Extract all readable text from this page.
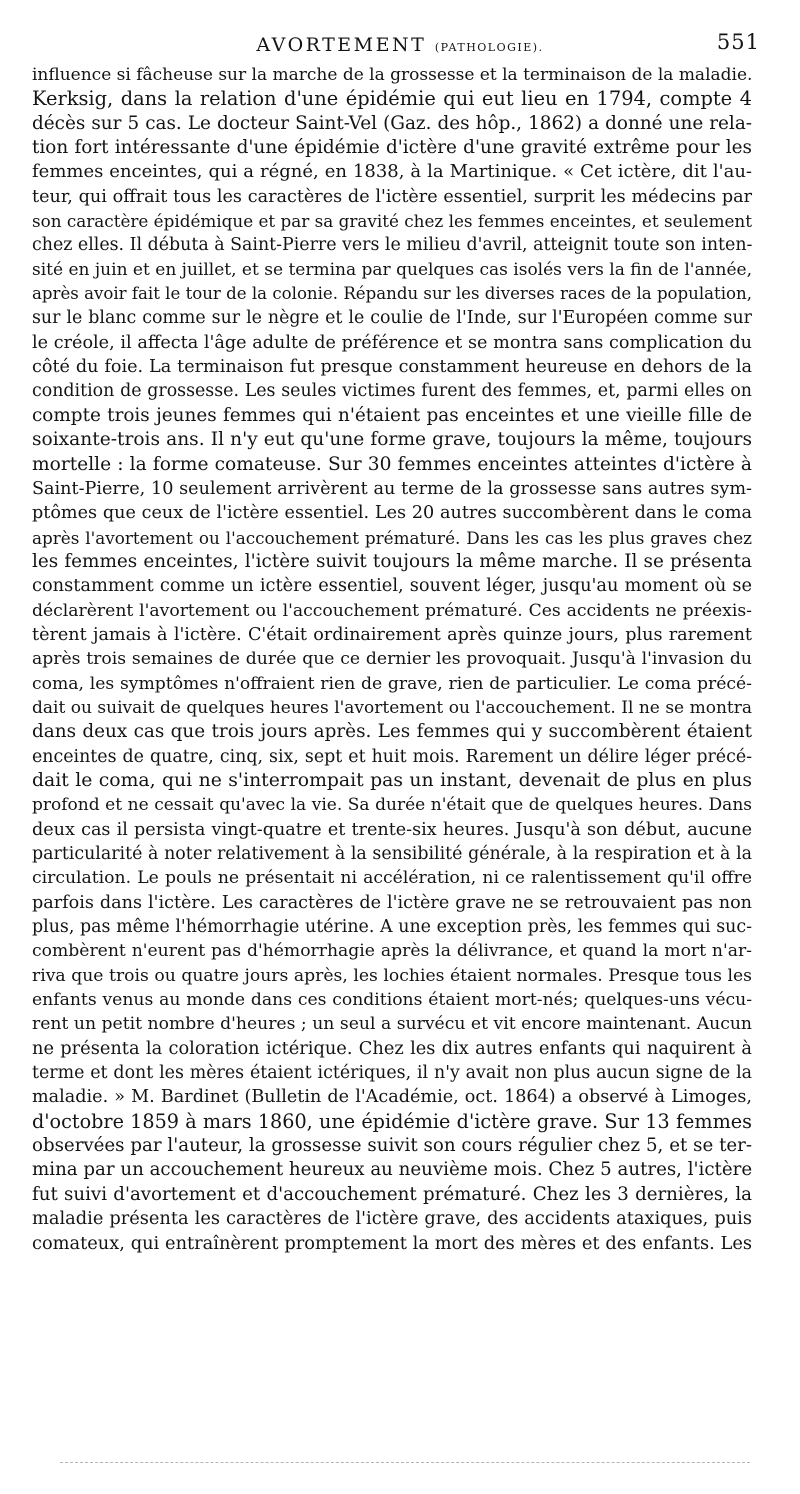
AVORTEMENT (PATHOLOGIE).	551
influence si fâcheuse sur la marche de la grossesse et la terminaison de la maladie.
Kerksig, dans la relation d'une épidémie qui eut lieu en 1794, compte 4
décès sur 5 cas. Le docteur Saint-Vel (Gaz. des hôp., 1862) a donné une rela-
tion fort intéressante d'une épidémie d'ictère d'une gravité extrême pour les
femmes enceintes, qui a régné, en 1838, à la Martinique. « Cet ictère, dit l'au-
teur, qui offrait tous les caractères de l'ictère essentiel, surprit les médecins par
son caractère épidémique et par sa gravité chez les femmes enceintes, et seulement
chez elles. Il débuta à Saint-Pierre vers le milieu d'avril, atteignit toute son inten-
sité en juin et en juillet, et se termina par quelques cas isolés vers la fin de l'année,
après avoir fait le tour de la colonie. Répandu sur les diverses races de la population,
sur le blanc comme sur le nègre et le coulie de l'Inde, sur l'Européen comme sur
le créole, il affecta l'âge adulte de préférence et se montra sans complication du
côté du foie. La terminaison fut presque constamment heureuse en dehors de la
condition de grossesse. Les seules victimes furent des femmes, et, parmi elles on
compte trois jeunes femmes qui n'étaient pas enceintes et une vieille fille de
soixante-trois ans. Il n'y eut qu'une forme grave, toujours la même, toujours
mortelle : la forme comateuse. Sur 30 femmes enceintes atteintes d'ictère à
Saint-Pierre, 10 seulement arrivèrent au terme de la grossesse sans autres sym-
ptômes que ceux de l'ictère essentiel. Les 20 autres succombèrent dans le coma
après l'avortement ou l'accouchement prématuré. Dans les cas les plus graves chez
les femmes enceintes, l'ictère suivit toujours la même marche. Il se présenta
constamment comme un ictère essentiel, souvent léger, jusqu'au moment où se
déclarèrent l'avortement ou l'accouchement prématuré. Ces accidents ne préexis-
tèrent jamais à l'ictère. C'était ordinairement après quinze jours, plus rarement
après trois semaines de durée que ce dernier les provoquait. Jusqu'à l'invasion du
coma, les symptômes n'offraient rien de grave, rien de particulier. Le coma précé-
dait ou suivait de quelques heures l'avortement ou l'accouchement. Il ne se montra
dans deux cas que trois jours après. Les femmes qui y succombèrent étaient
enceintes de quatre, cinq, six, sept et huit mois. Rarement un délire léger précé-
dait le coma, qui ne s'interrompait pas un instant, devenait de plus en plus
profond et ne cessait qu'avec la vie. Sa durée n'était que de quelques heures. Dans
deux cas il persista vingt-quatre et trente-six heures. Jusqu'à son début, aucune
particularité à noter relativement à la sensibilité générale, à la respiration et à la
circulation. Le pouls ne présentait ni accélération, ni ce ralentissement qu'il offre
parfois dans l'ictère. Les caractères de l'ictère grave ne se retrouvaient pas non
plus, pas même l'hémorrhagie utérine. A une exception près, les femmes qui suc-
combèrent n'eurent pas d'hémorrhagie après la délivrance, et quand la mort n'ar-
riva que trois ou quatre jours après, les lochies étaient normales. Presque tous les
enfants venus au monde dans ces conditions étaient mort-nés; quelques-uns vécu-
rent un petit nombre d'heures ; un seul a survécu et vit encore maintenant. Aucun
ne présenta la coloration ictérique. Chez les dix autres enfants qui naquirent à
terme et dont les mères étaient ictériques, il n'y avait non plus aucun signe de la
maladie. » M. Bardinet (Bulletin de l'Académie, oct. 1864) a observé à Limoges,
d'octobre 1859 à mars 1860, une épidémie d'ictère grave. Sur 13 femmes
observées par l'auteur, la grossesse suivit son cours régulier chez 5, et se ter-
mina par un accouchement heureux au neuvième mois. Chez 5 autres, l'ictère
fut suivi d'avortement et d'accouchement prématuré. Chez les 3 dernières, la
maladie présenta les caractères de l'ictère grave, des accidents ataxiques, puis
comateux, qui entraînèrent promptement la mort des mères et des enfants. Les
